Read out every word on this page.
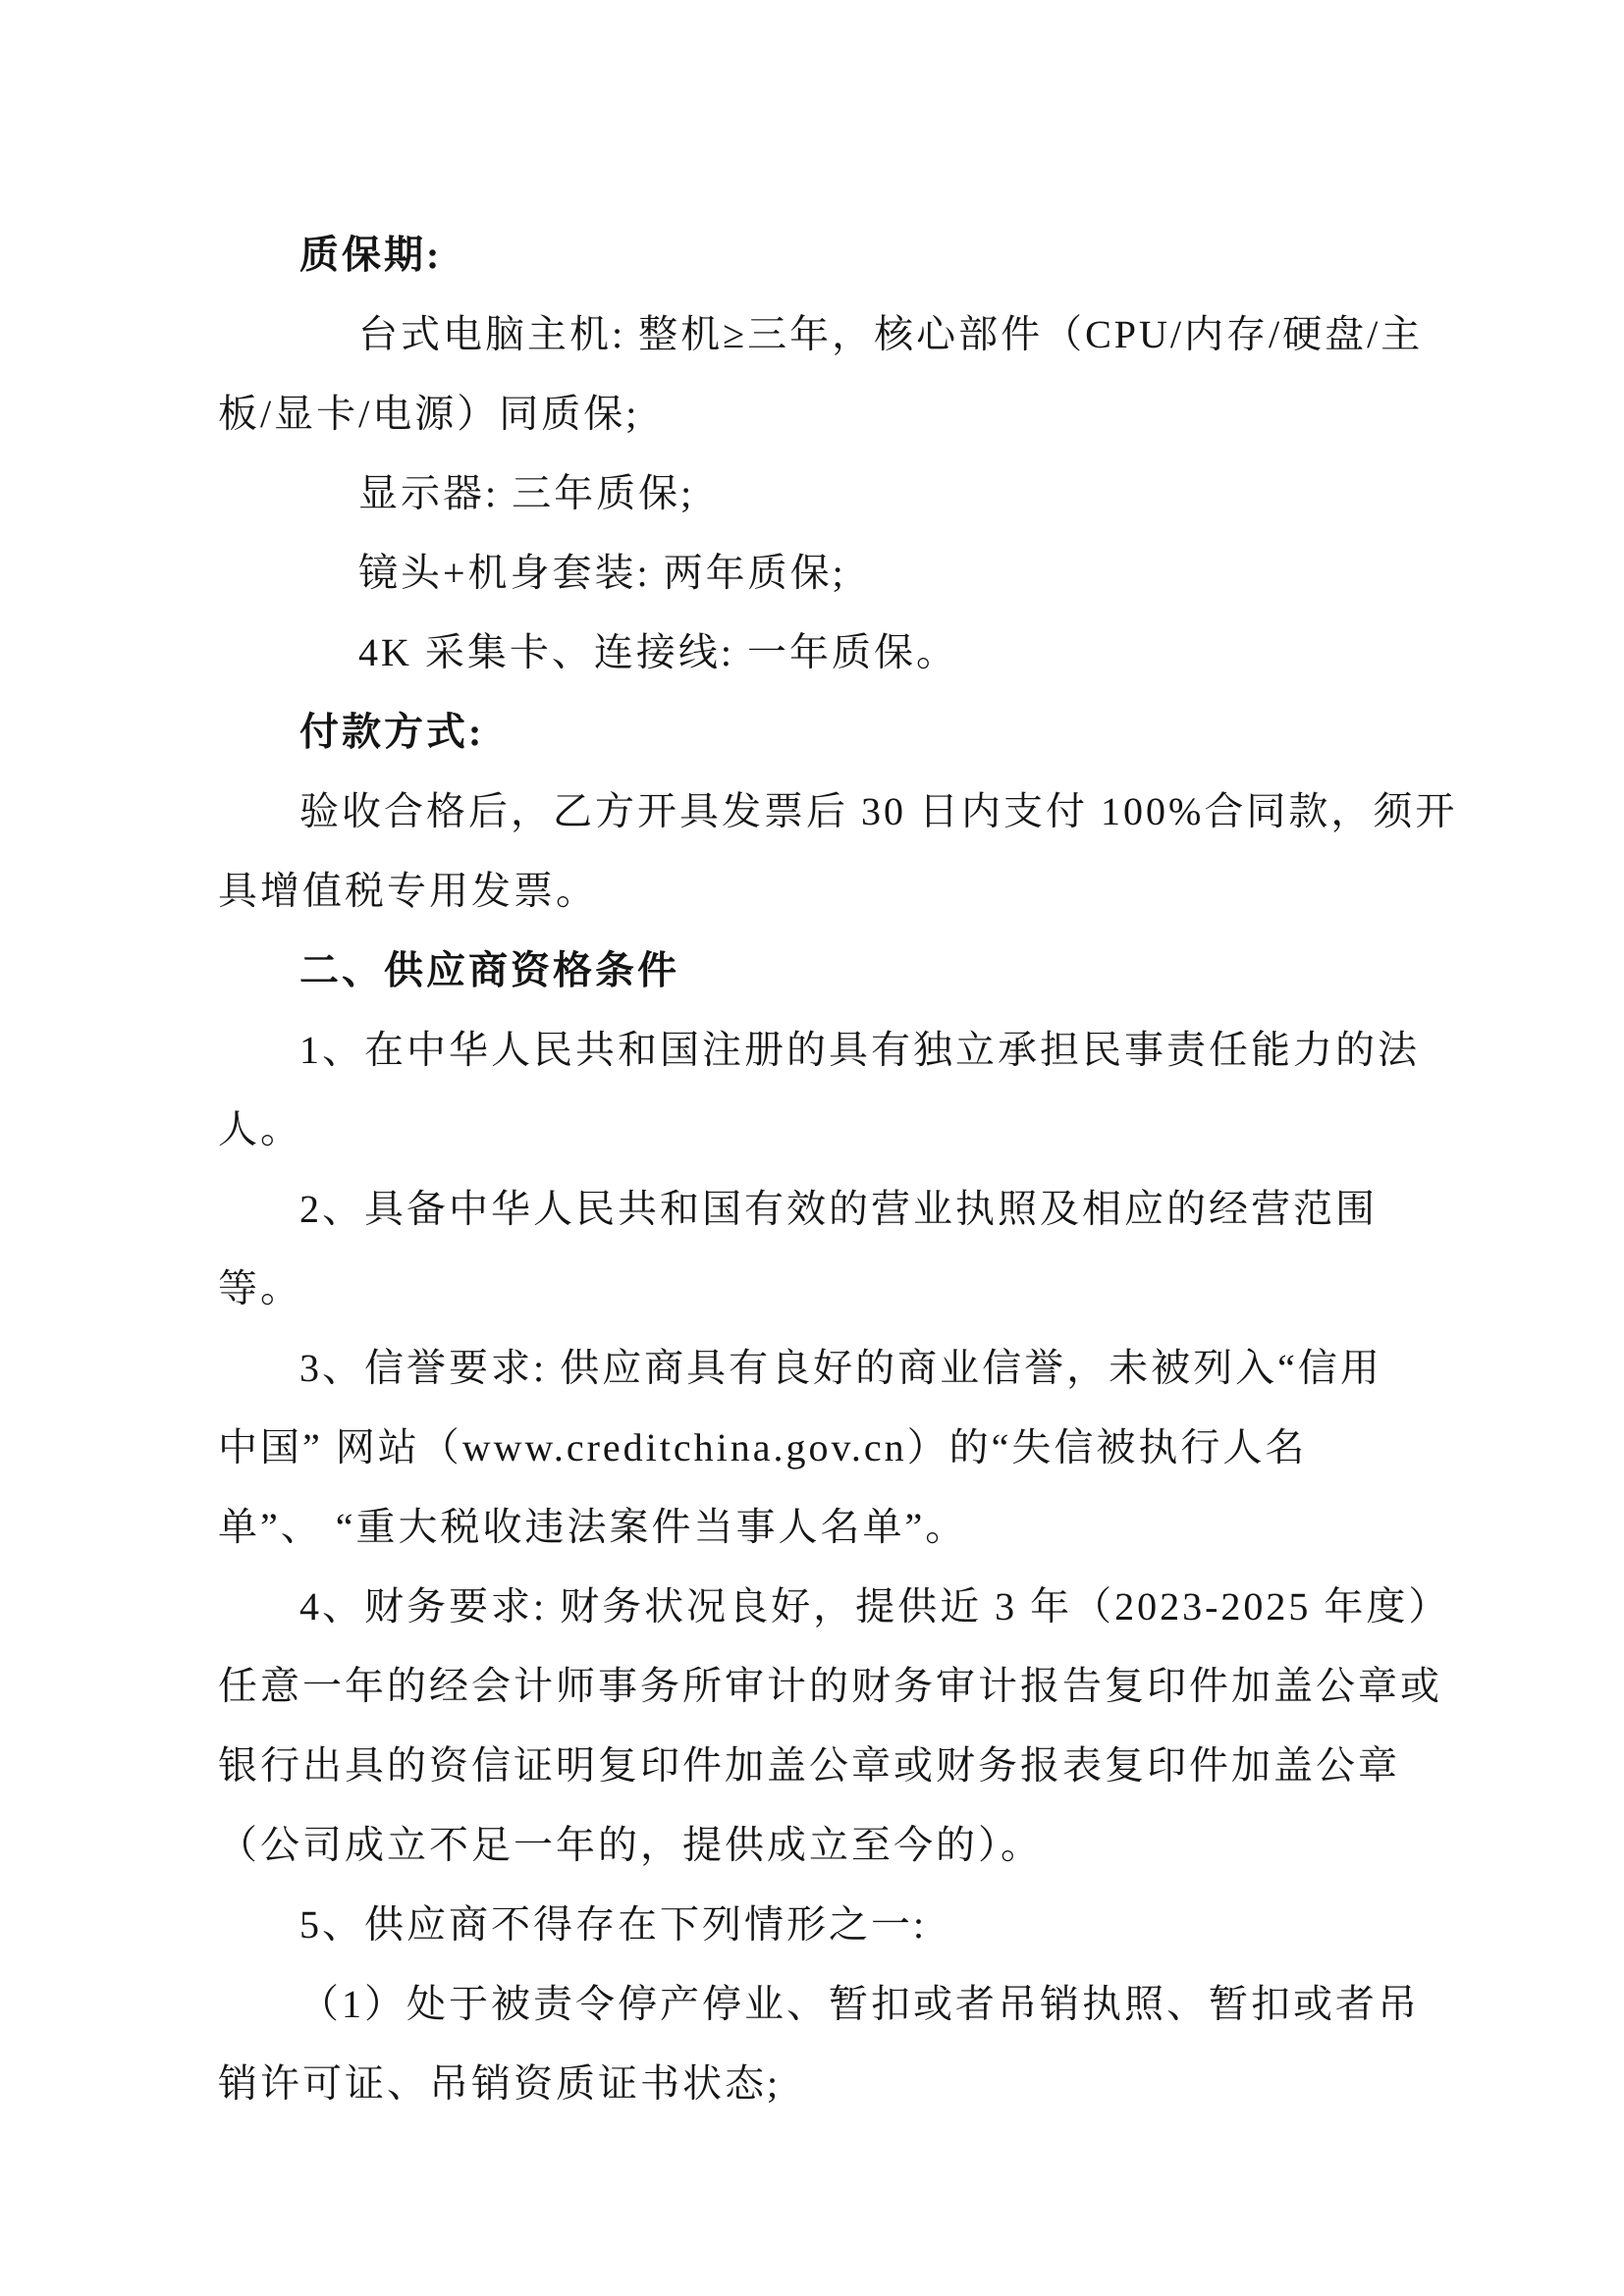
质保期:
台式电脑主机: 整机≥三年，核心部件（CPU/内存/硬盘/主
板/显卡/电源）同质保;
显示器: 三年质保;
镜头+机身套装: 两年质保;
4K 采集卡、连接线: 一年质保。
付款方式:
验收合格后，乙方开具发票后 30 日内支付 100%合同款，须开
具增值税专用发票。
二、供应商资格条件
1、在中华人民共和国注册的具有独立承担民事责任能力的法
人。
2、具备中华人民共和国有效的营业执照及相应的经营范围
等。
3、信誉要求: 供应商具有良好的商业信誉，未被列入“信用
中国” 网站（www.creditchina.gov.cn）的“失信被执行人名
单”、 “重大税收违法案件当事人名单”。
4、财务要求: 财务状况良好，提供近 3 年（2023-2025 年度）
任意一年的经会计师事务所审计的财务审计报告复印件加盖公章或
银行出具的资信证明复印件加盖公章或财务报表复印件加盖公章
（公司成立不足一年的，提供成立至今的）。
5、供应商不得存在下列情形之一:
（1）处于被责令停产停业、暂扣或者吊销执照、暂扣或者吊
销许可证、吊销资质证书状态;
